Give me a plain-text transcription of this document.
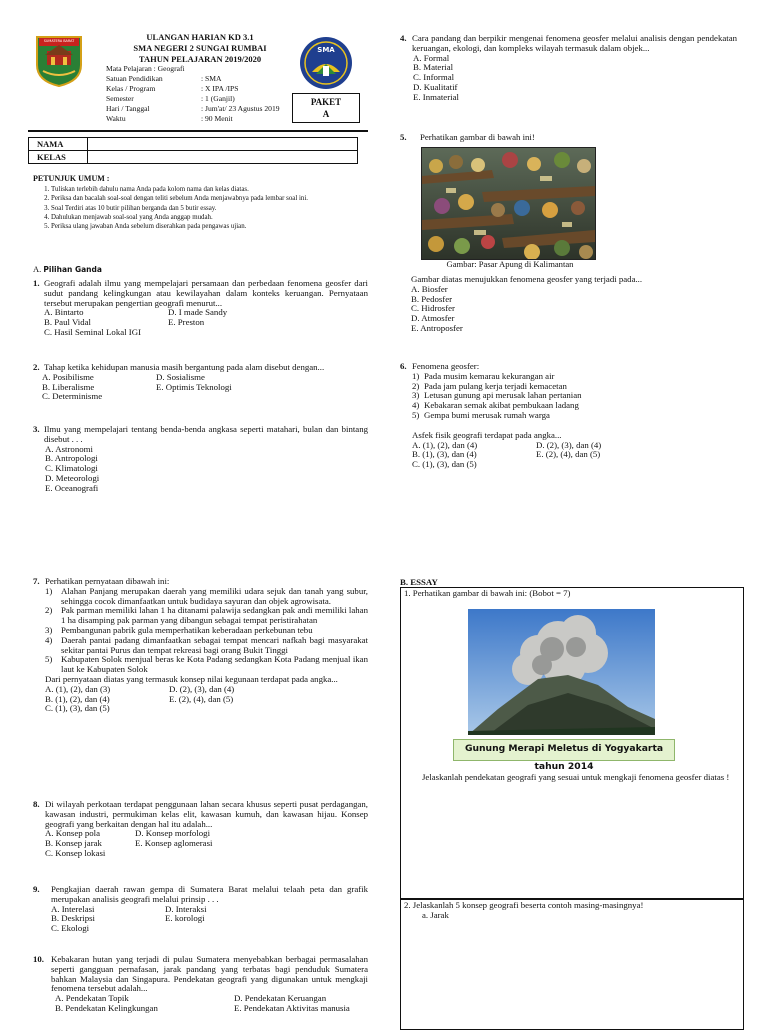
SUMATERA BARAT	ULANGAN HARIAN KD 3.1
SMA NEGERI 2 SUNGAI RUMBAI
TAHUN PELAJARAN 2019/2020
Mata Pelajaran : Geografi
Satuan Pendidikan	: SMA
Kelas / Program	: X IPA /IPS
Semester	: 1 (Ganjil)
Hari / Tanggal	: Jum'at/ 23 Agustus 2019
Waktu	: 90 Menit
SMA
PAKET
A
NAMA	
KELAS	
PETUNJUK UMUM :
1. Tuliskan terlebih dahulu nama Anda pada kolom nama dan kelas diatas.
2. Periksa dan bacalah soal-soal dengan teliti sebelum Anda menjawabnya pada lembar soal ini.
3. Soal Terdiri atas 10 butir pilihan berganda dan 5 butir essay.
4. Dahulukan menjawab soal-soal yang Anda anggap mudah.
5. Periksa ulang jawaban Anda sebelum diserahkan pada pengawas ujian.
A. Pilihan Ganda
1. Geografi adalah ilmu yang mempelajari persamaan dan perbedaan fenomena geosfer dari sudut pandang kelingkungan atau kewilayahan dalam konteks keruangan. Pernyataan tersebut merupakan pengertian geografi menurut...
A. Bintarto	D. I made Sandy
B. Paul Vidal	E. Preston
C. Hasil Seminal Lokal IGI
2. Tahap ketika kehidupan manusia masih bergantung pada alam disebut dengan...
A. Posibilisme	D. Sosialisme
B. Liberalisme	E. Optimis Teknologi
C. Determinisme
3. Ilmu yang mempelajari tentang benda-benda angkasa seperti matahari, bulan dan bintang disebut . . .
A. Astronomi
B. Antropologi
C. Klimatologi
D. Meteorologi
E. Oceanografi
4. Cara pandang dan berpikir mengenai fenomena geosfer melalui analisis dengan pendekatan keruangan, ekologi, dan kompleks wilayah termasuk dalam objek...
A. Formal
B. Material
C. Informal
D. Kualitatif
E. Inmaterial
5.	Perhatikan gambar di bawah ini!
Gambar: Pasar Apung di Kalimantan
Gambar diatas menujukkan fenomena geosfer yang terjadi pada...
A. Biosfer
B. Pedosfer
C. Hidrosfer
D. Atmosfer
E. Antroposfer
6. Fenomena geosfer:
1) Pada musim kemarau kekurangan air
2) Pada jam pulang kerja terjadi kemacetan
3) Letusan gunung api merusak lahan pertanian
4) Kebakaran semak akibat pembukaan ladang
5) Gempa bumi merusak rumah warga
Asfek fisik geografi terdapat pada angka...
A. (1), (2), dan (4)	D. (2), (3), dan (4)
B. (1), (3), dan (4)	E. (2), (4), dan (5)
C. (1), (3), dan (5)
7. Perhatikan pernyataan dibawah ini:
1) Alahan Panjang merupakan daerah yang memiliki udara sejuk dan tanah yang subur, sehingga cocok dimanfaatkan untuk budidaya sayuran dan objek agrowisata.
2) Pak parman memiliki lahan 1 ha ditanami palawija sedangkan pak andi memiliki lahan 1 ha disamping pak parman yang dibangun sebagai tempat peristirahatan
3) Pembangunan pabrik gula memperhatikan keberadaan perkebunan tebu
4) Daerah pantai padang dimanfaatkan sebagai tempat mencari nafkah bagi masyarakat sekitar pantai Purus dan tempat rekreasi bagi orang Bukit Tinggi
5) Kabupaten Solok menjual beras ke Kota Padang sedangkan Kota Padang menjual ikan laut ke Kabupaten Solok
Dari pernyataan diatas yang termasuk konsep nilai kegunaan terdapat pada angka...
A. (1), (2), dan (3)	D. (2), (3), dan (4)
B. (1), (2), dan (4)	E. (2), (4), dan (5)
C. (1), (3), dan (5)
8. Di wilayah perkotaan terdapat penggunaan lahan secara khusus seperti pusat perdagangan, kawasan industri, permukiman kelas elit, kawasan kumuh, dan kawasan hijau. Konsep geografi yang berkaitan dengan hal itu adalah...
A. Konsep pola	D. Konsep morfologi
B. Konsep jarak	E. Konsep aglomerasi
C. Konsep lokasi
9.	Pengkajian daerah rawan gempa di Sumatera Barat melalui telaah peta dan grafik merupakan analisis geografi melalui prinsip . . .
A. Interelasi	D. Interaksi
B. Deskripsi	E. korologi
C. Ekologi
10. Kebakaran hutan yang terjadi di pulau Sumatera menyebabkan berbagai permasalahan seperti gangguan pernafasan, jarak pandang yang terbatas bagi penduduk Sumatera bahkan Malaysia dan Singapura. Pendekatan geografi yang digunakan untuk mengkaji fenomena tersebut adalah...
A. Pendekatan Topik	D. Pendekatan Keruangan
B. Pendekatan Kelingkungan	E. Pendekatan Aktivitas manusia
B. ESSAY
1. Perhatikan gambar di bawah ini: (Bobot = 7)
Gunung Merapi Meletus di Yogyakarta tahun 2014
Jelaskanlah pendekatan geografi yang sesuai untuk mengkaji fenomena geosfer diatas !
2. Jelaskanlah 5 konsep geografi beserta contoh masing-masingnya!
a. Jarak
